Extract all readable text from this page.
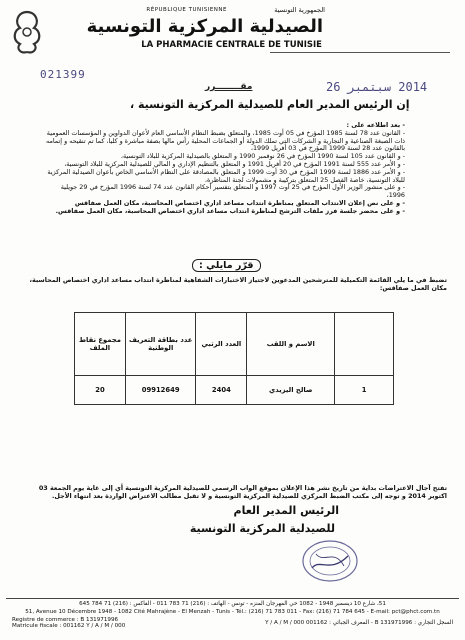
RÉPUBLIQUE TUNISIENNE	الجمهورية التونسية
الصيدلية المركزية التونسية
LA PHARMACIE CENTRALE DE TUNISIE
021399
2014 سبتمبر 26
مقــــــــرر
إن الرئيس المدير العام للصيدلية المركزية التونسية ،
- بعد اطلاعه على :
- القانون عدد 78 لسنة 1985 المؤرخ في 05 أوت 1985، والمتعلق بضبط النظام الأساسي العام لأعوان الدواوين و المؤسسات العمومية ذات الصبغة الصناعية و التجارية و الشركات التي تملك الدولة أو الجماعات المحلية رأس مالها بصفة مباشرة و كليا، كما تم تنقيحه و إتمامه بالقانون عدد 28 لسنة 1999 المؤرخ في 03 أفريل 1999،
- و القانون عدد 105 لسنة 1990 المؤرخ في 26 نوفمبر 1990 و المتعلق بالصيدلية المركزية للبلاد التونسية،
- و الأمر عدد 555 لسنة 1991 المؤرخ في 20 أفريل 1991 و المتعلق بالتنظيم الإداري و المالي للصيدلية المركزية للبلاد التونسية،
- و الأمر عدد 1886 لسنة 1999 المؤرخ في 30 أوت 1999 و المتعلق بالمصادقة على النظام الأساسي الخاص بأعوان الصيدلية المركزية للبلاد التونسية، خاصة الفصل 25 المتعلق بتركيبة و مشمولات لجنة المناظرة،
- و على منشور الوزير الأول المؤرخ في 25 أوت 1997 و المتعلق بتفسير أحكام القانون عدد 74 لسنة 1996 المؤرخ في 29 جويلية 1996،
- و على نص إعلان الانتداب المتعلق بمناظرة انتداب مساعد اداري اختصاص المحاسبة، مكان العمل صفاقس
- و على محضر جلسة فرز ملفات الترشح لمناظرة انتداب مساعد اداري اختصاص المحاسبة، مكان العمل صفاقس.
قرّر مايلي :
تضبط في ما يلي القائمة التكميلية للمترشحين المدعوين لاجتياز الاختبارات الشفاهية لمناظرة انتداب مساعد اداري اختصاص المحاسبة، مكان العمل صفاقس:
	الاسم و اللقب	العدد الرتبي	عدد بطاقة التعريف الوطنية	مجموع نقاط الملف
1	صالح اليزيدي	2404	09912649	20
تفتح آجال الاعتراضات بداية من تاريخ نشر هذا الإعلان بموقع الواب الرسمي للصيدلية المركزية التونسية أي إلى غاية يوم الجمعة 03 اكتوبر 2014 و توجه إلى مكتب الضبط المركزي للصيدلية المركزية التونسية و لا تقبل مطالب الاعتراض الواردة بعد انتهاء الأجل.
الرئيس المدير العام
للصيدلية المركزية التونسية
51، شارع 10 ديسمبر 1948 - 1082 حي المهرجان المنزه - تونس - الهاتف : (216) 71 783 011 - الفاكس : (216) 71 784 645
51, Avenue 10 Décembre 1948 - 1082 Cité Mahrajène - El Menzah - Tunis - Tél.: (216) 71 783 011 - Fax: (216) 71 784 645 - E-mail: pct@phct.com.tn
Registre de commerce : B 131971996
Matricule fiscale : 001162 Y / A / M / 000	السجل التجاري : B 131971996 - المعرف الجبائي : 001162 Y / A / M / 000
